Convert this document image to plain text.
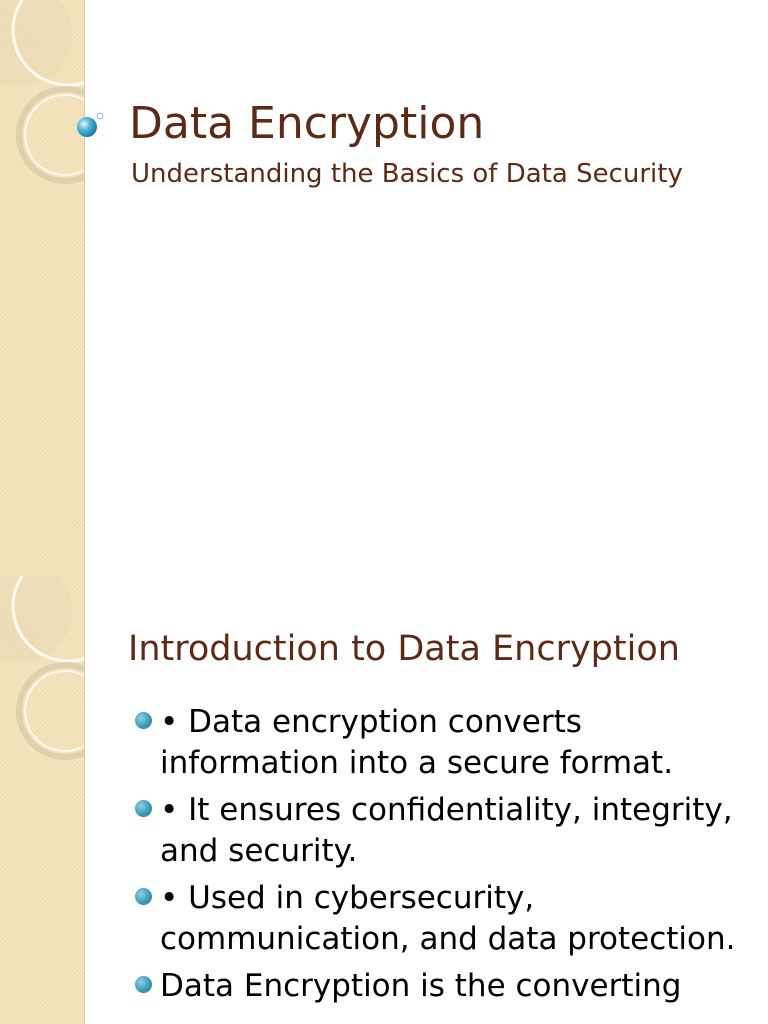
Data Encryption

Understanding the Basics of Data Security

Introduction to Data Encryption
• Data encryption converts information into a secure format.
• It ensures confidentiality, integrity, and security.
• Used in cybersecurity, communication, and data protection.
Data Encryption is the converting
